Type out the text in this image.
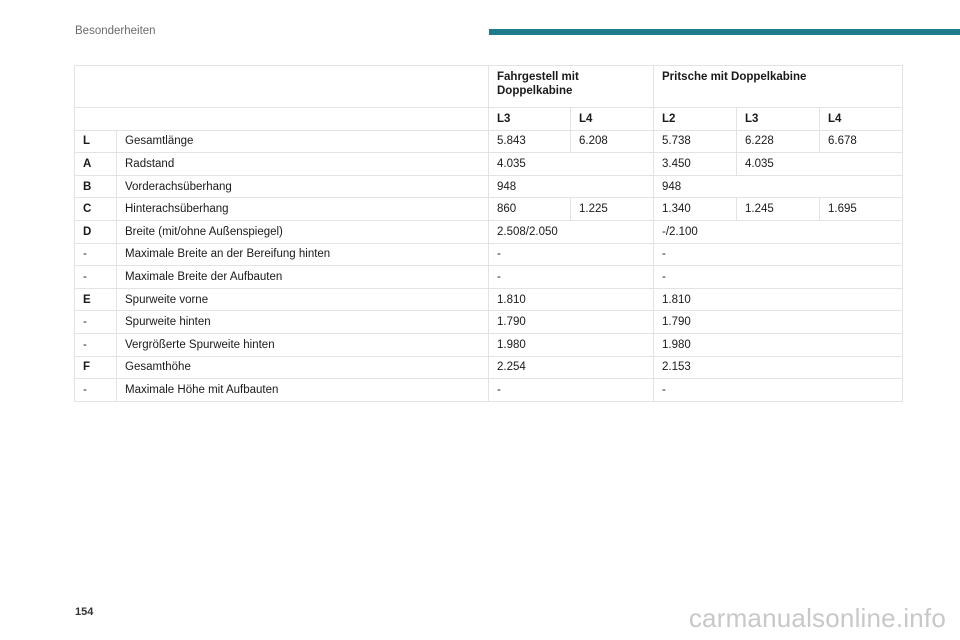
Besonderheiten
		Fahrgestell mit Doppelkabine		Pritsche mit Doppelkabine		
		L3	L4	L2	L3	L4
L	Gesamtlänge	5.843	6.208	5.738	6.228	6.678
A	Radstand	4.035		3.450	4.035	
B	Vorderachsüberhang	948		948		
C	Hinterachsüberhang	860	1.225	1.340	1.245	1.695
D	Breite (mit/ohne Außenspiegel)	2.508/2.050		-/2.100		
-	Maximale Breite an der Bereifung hinten	-		-		
-	Maximale Breite der Aufbauten	-		-		
E	Spurweite vorne	1.810		1.810		
-	Spurweite hinten	1.790		1.790		
-	Vergrößerte Spurweite hinten	1.980		1.980		
F	Gesamthöhe	2.254		2.153		
-	Maximale Höhe mit Aufbauten	-		-		
154	carmanualsonline.info
